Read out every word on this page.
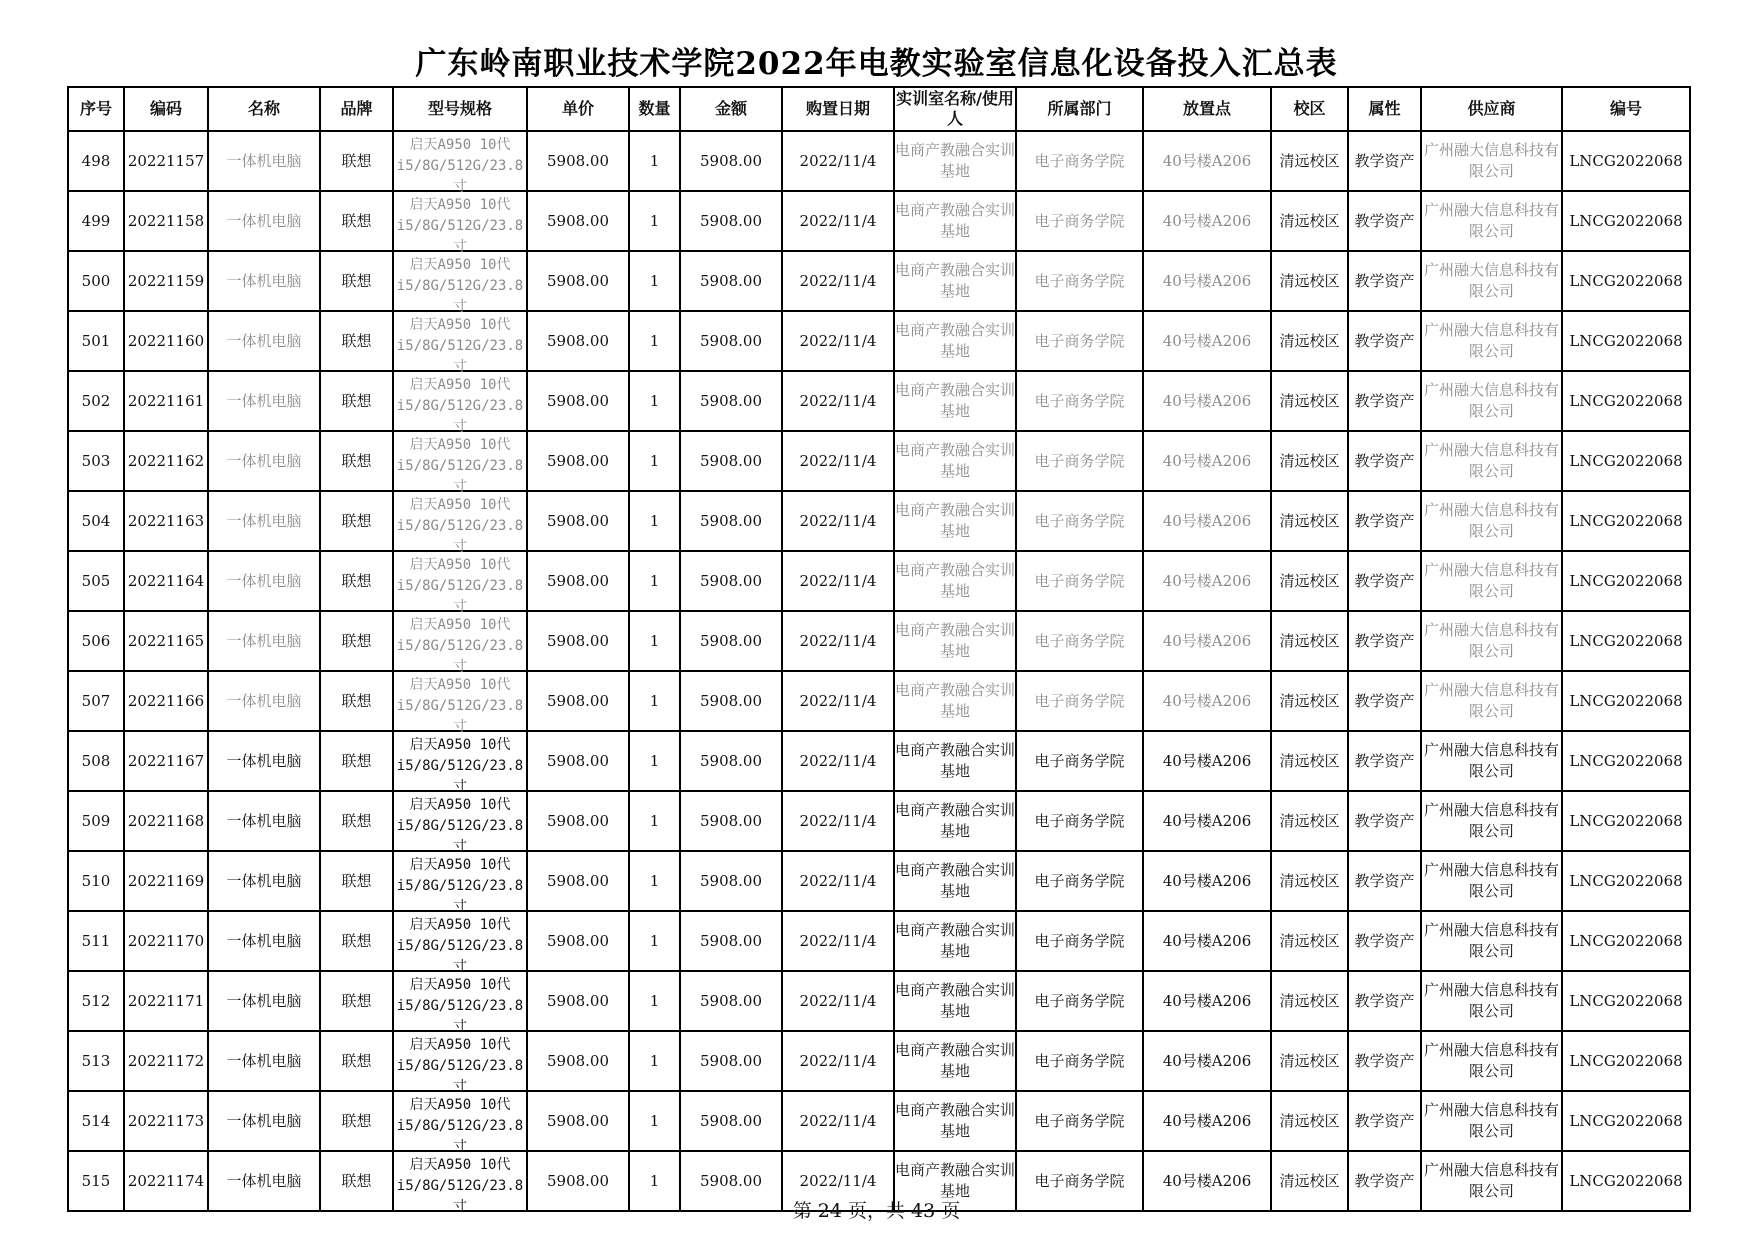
广东岭南职业技术学院2022年电教实验室信息化设备投入汇总表
序号	编码	名称	品牌	型号规格	单价	数量	金额	购置日期	实训室名称/使用人	所属部门	放置点	校区	属性	供应商	编号
498	20221157	一体机电脑	联想	启天A950 10代
i5/8G/512G/23.8
寸	5908.00	1	5908.00	2022/11/4	电商产教融合实训基地	电子商务学院	40号楼A206	清远校区	教学资产	广州融大信息科技有限公司	LNCG2022068
499	20221158	一体机电脑	联想	启天A950 10代
i5/8G/512G/23.8
寸	5908.00	1	5908.00	2022/11/4	电商产教融合实训基地	电子商务学院	40号楼A206	清远校区	教学资产	广州融大信息科技有限公司	LNCG2022068
500	20221159	一体机电脑	联想	启天A950 10代
i5/8G/512G/23.8
寸	5908.00	1	5908.00	2022/11/4	电商产教融合实训基地	电子商务学院	40号楼A206	清远校区	教学资产	广州融大信息科技有限公司	LNCG2022068
501	20221160	一体机电脑	联想	启天A950 10代
i5/8G/512G/23.8
寸	5908.00	1	5908.00	2022/11/4	电商产教融合实训基地	电子商务学院	40号楼A206	清远校区	教学资产	广州融大信息科技有限公司	LNCG2022068
502	20221161	一体机电脑	联想	启天A950 10代
i5/8G/512G/23.8
寸	5908.00	1	5908.00	2022/11/4	电商产教融合实训基地	电子商务学院	40号楼A206	清远校区	教学资产	广州融大信息科技有限公司	LNCG2022068
503	20221162	一体机电脑	联想	启天A950 10代
i5/8G/512G/23.8
寸	5908.00	1	5908.00	2022/11/4	电商产教融合实训基地	电子商务学院	40号楼A206	清远校区	教学资产	广州融大信息科技有限公司	LNCG2022068
504	20221163	一体机电脑	联想	启天A950 10代
i5/8G/512G/23.8
寸	5908.00	1	5908.00	2022/11/4	电商产教融合实训基地	电子商务学院	40号楼A206	清远校区	教学资产	广州融大信息科技有限公司	LNCG2022068
505	20221164	一体机电脑	联想	启天A950 10代
i5/8G/512G/23.8
寸	5908.00	1	5908.00	2022/11/4	电商产教融合实训基地	电子商务学院	40号楼A206	清远校区	教学资产	广州融大信息科技有限公司	LNCG2022068
506	20221165	一体机电脑	联想	启天A950 10代
i5/8G/512G/23.8
寸	5908.00	1	5908.00	2022/11/4	电商产教融合实训基地	电子商务学院	40号楼A206	清远校区	教学资产	广州融大信息科技有限公司	LNCG2022068
507	20221166	一体机电脑	联想	启天A950 10代
i5/8G/512G/23.8
寸	5908.00	1	5908.00	2022/11/4	电商产教融合实训基地	电子商务学院	40号楼A206	清远校区	教学资产	广州融大信息科技有限公司	LNCG2022068
508	20221167	一体机电脑	联想	启天A950 10代
i5/8G/512G/23.8
寸	5908.00	1	5908.00	2022/11/4	电商产教融合实训基地	电子商务学院	40号楼A206	清远校区	教学资产	广州融大信息科技有限公司	LNCG2022068
509	20221168	一体机电脑	联想	启天A950 10代
i5/8G/512G/23.8
寸	5908.00	1	5908.00	2022/11/4	电商产教融合实训基地	电子商务学院	40号楼A206	清远校区	教学资产	广州融大信息科技有限公司	LNCG2022068
510	20221169	一体机电脑	联想	启天A950 10代
i5/8G/512G/23.8
寸	5908.00	1	5908.00	2022/11/4	电商产教融合实训基地	电子商务学院	40号楼A206	清远校区	教学资产	广州融大信息科技有限公司	LNCG2022068
511	20221170	一体机电脑	联想	启天A950 10代
i5/8G/512G/23.8
寸	5908.00	1	5908.00	2022/11/4	电商产教融合实训基地	电子商务学院	40号楼A206	清远校区	教学资产	广州融大信息科技有限公司	LNCG2022068
512	20221171	一体机电脑	联想	启天A950 10代
i5/8G/512G/23.8
寸	5908.00	1	5908.00	2022/11/4	电商产教融合实训基地	电子商务学院	40号楼A206	清远校区	教学资产	广州融大信息科技有限公司	LNCG2022068
513	20221172	一体机电脑	联想	启天A950 10代
i5/8G/512G/23.8
寸	5908.00	1	5908.00	2022/11/4	电商产教融合实训基地	电子商务学院	40号楼A206	清远校区	教学资产	广州融大信息科技有限公司	LNCG2022068
514	20221173	一体机电脑	联想	启天A950 10代
i5/8G/512G/23.8
寸	5908.00	1	5908.00	2022/11/4	电商产教融合实训基地	电子商务学院	40号楼A206	清远校区	教学资产	广州融大信息科技有限公司	LNCG2022068
515	20221174	一体机电脑	联想	启天A950 10代
i5/8G/512G/23.8
寸	5908.00	1	5908.00	2022/11/4	电商产教融合实训基地	电子商务学院	40号楼A206	清远校区	教学资产	广州融大信息科技有限公司	LNCG2022068
第 24 页，共 43 页
